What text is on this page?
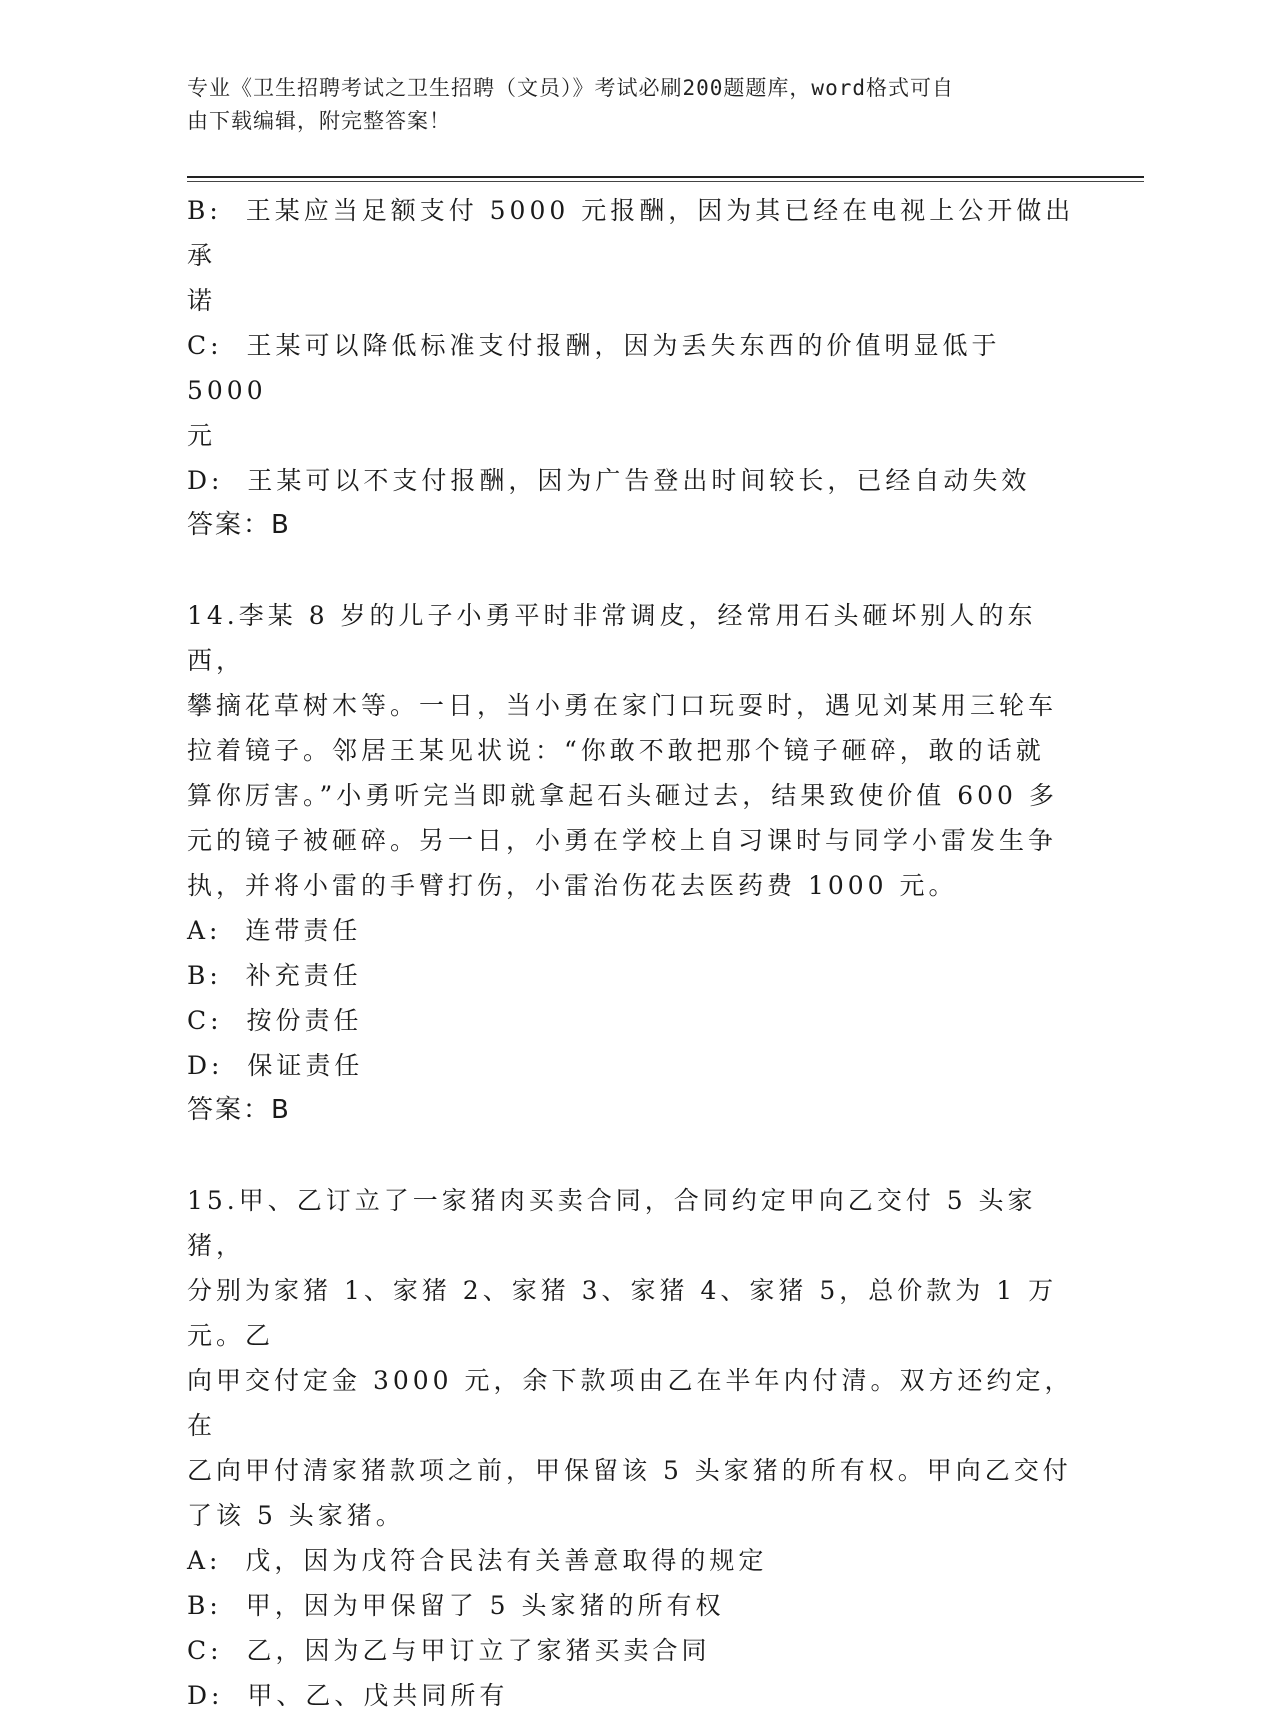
专业《卫生招聘考试之卫生招聘（文员）》考试必刷200题题库，word格式可自
由下载编辑，附完整答案！

B:  王某应当足额支付 5000 元报酬，因为其已经在电视上公开做出承

诺

C:  王某可以降低标准支付报酬，因为丢失东西的价值明显低于 5000

元

D:  王某可以不支付报酬，因为广告登出时间较长，已经自动失效

答案：B

14.李某 8 岁的儿子小勇平时非常调皮，经常用石头砸坏别人的东西，

攀摘花草树木等。一日，当小勇在家门口玩耍时，遇见刘某用三轮车

拉着镜子。邻居王某见状说：“你敢不敢把那个镜子砸碎，敢的话就

算你厉害。”小勇听完当即就拿起石头砸过去，结果致使价值 600 多

元的镜子被砸碎。另一日，小勇在学校上自习课时与同学小雷发生争

执，并将小雷的手臂打伤，小雷治伤花去医药费 1000 元。

A:  连带责任

B:  补充责任

C:  按份责任

D:  保证责任

答案：B

15.甲、乙订立了一家猪肉买卖合同，合同约定甲向乙交付 5 头家猪，

分别为家猪 1、家猪 2、家猪 3、家猪 4、家猪 5，总价款为 1 万元。乙

向甲交付定金 3000 元，余下款项由乙在半年内付清。双方还约定，在

乙向甲付清家猪款项之前，甲保留该 5 头家猪的所有权。甲向乙交付

了该 5 头家猪。

A:  戊，因为戊符合民法有关善意取得的规定

B:  甲，因为甲保留了 5 头家猪的所有权

C:  乙，因为乙与甲订立了家猪买卖合同

D:  甲、乙、戊共同所有
